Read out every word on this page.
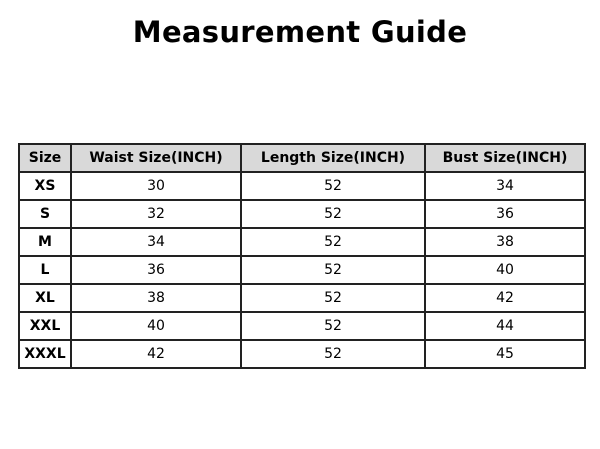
Measurement Guide
Size	Waist Size(INCH)	Length Size(INCH)	Bust Size(INCH)
XS	30	52	34
S	32	52	36
M	34	52	38
L	36	52	40
XL	38	52	42
XXL	40	52	44
XXXL	42	52	45
